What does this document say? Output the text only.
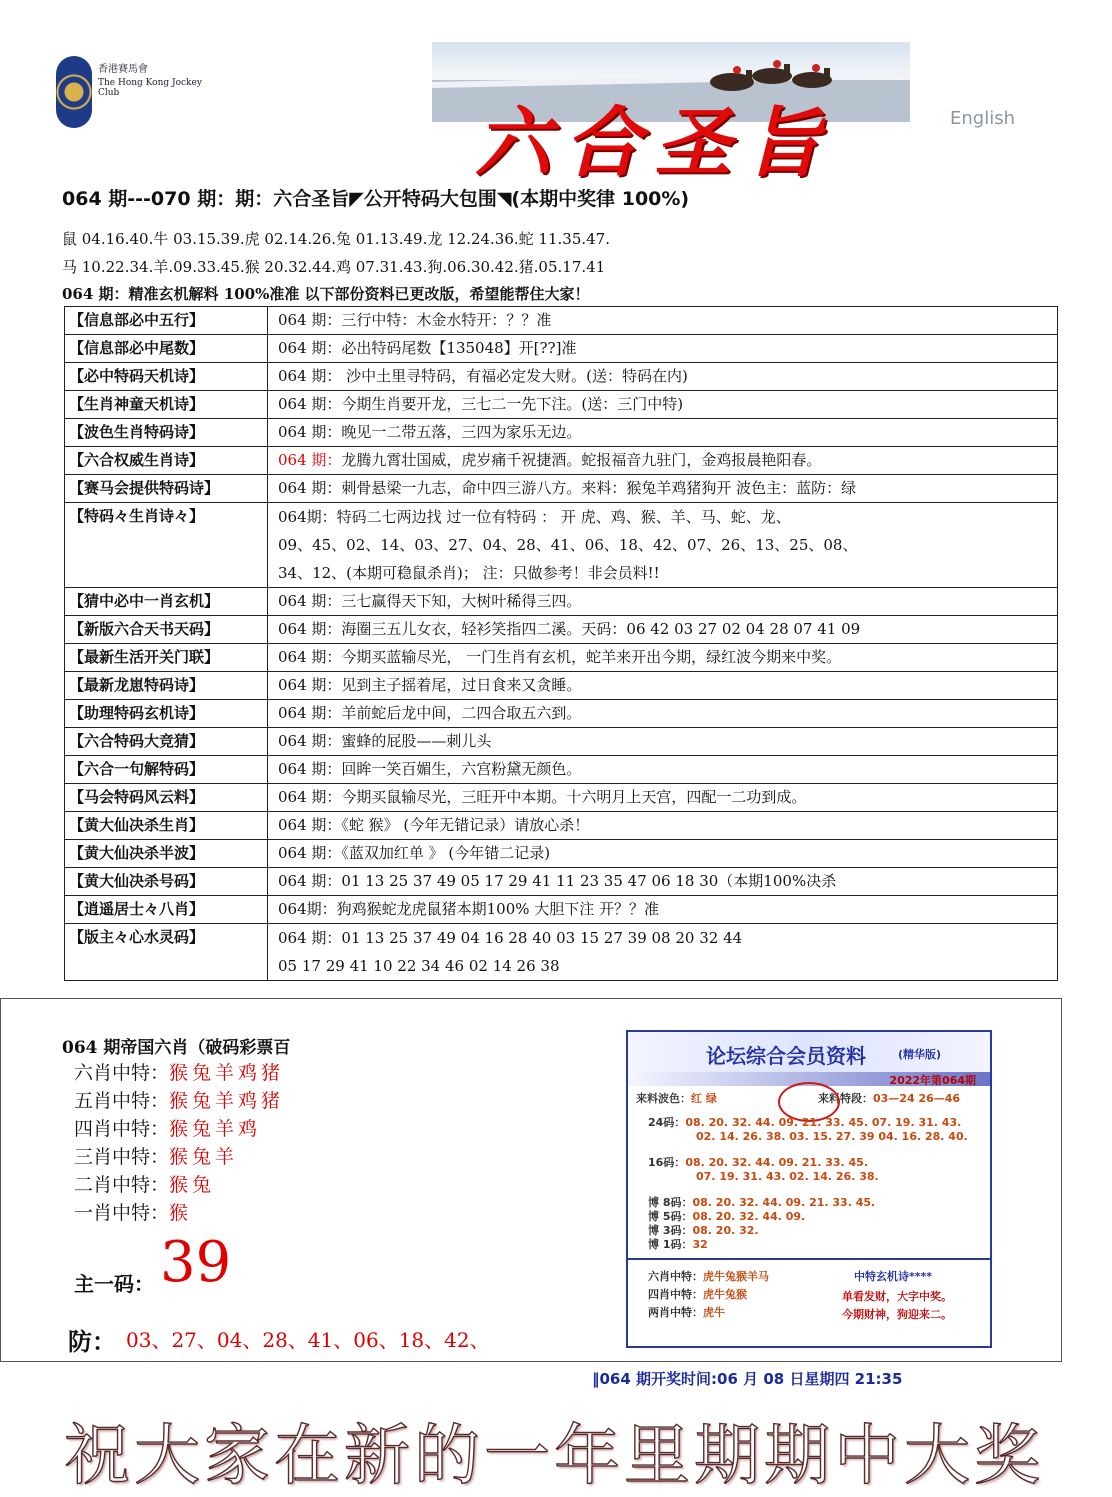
香港賽馬會
The Hong Kong Jockey Club
六合圣旨	English
064 期---070 期：期：六合圣旨◤公开特码大包围◥(本期中奖律 100%)
鼠 04.16.40.牛 03.15.39.虎 02.14.26.兔 01.13.49.龙 12.24.36.蛇 11.35.47.
马 10.22.34.羊.09.33.45.猴 20.32.44.鸡 07.31.43.狗.06.30.42.猪.05.17.41
064 期：精准玄机解料 100%准准 以下部份资料已更改版，希望能帮住大家！
【信息部必中五行】	064 期：三行中特：木金水特开：？？准
【信息部必中尾数】	064 期：必出特码尾数【135048】开[??]准
【必中特码天机诗】	064 期： 沙中土里寻特码，有福必定发大财。(送：特码在内)
【生肖神童天机诗】	064 期：今期生肖要开龙，三七二一先下注。(送：三门中特)
【波色生肖特码诗】	064 期：晚见一二带五落，三四为家乐无边。
【六合权威生肖诗】	064 期：龙腾九霄壮国威，虎岁痛千祝捷酒。蛇报福音九驻门，金鸡报晨艳阳春。
【赛马会提供特码诗】	064 期：刺骨悬梁一九志，命中四三游八方。来料：猴兔羊鸡猪狗开 波色主：蓝防：绿
【特码々生肖诗々】	064期：特码二七两边找 过一位有特码 ： 开 虎、鸡、猴、羊、马、蛇、龙、
09、45、02、14、03、27、04、28、41、06、18、42、07、26、13、25、08、
34、12、(本期可稳鼠杀肖)； 注：只做参考！非会员料!!

【猜中必中一肖玄机】	064 期：三七赢得天下知，大树叶稀得三四。
【新版六合天书天码】	064 期：海圈三五儿女衣，轻衫笑指四二溪。天码：06 42 03 27 02 04 28 07 41 09
【最新生活开关门联】	064 期：今期买蓝输尽光， 一门生肖有玄机，蛇羊来开出今期，绿红波今期来中奖。
【最新龙崽特码诗】	064 期：见到主子摇着尾，过日食来又贪睡。
【助理特码玄机诗】	064 期：羊前蛇后龙中间，二四合取五六到。
【六合特码大竞猜】	064 期：蜜蜂的屁股——刺儿头
【六合一句解特码】	064 期：回眸一笑百媚生，六宫粉黛无颜色。
【马会特码风云料】	064 期：今期买鼠输尽光，三旺开中本期。十六明月上天宫，四配一二功到成。
【黄大仙决杀生肖】	064 期：《蛇 猴》 (今年无错记录）请放心杀！
【黄大仙决杀半波】	064 期：《蓝双加红单 》 (今年错二记录)
【黄大仙决杀号码】	064 期：01 13 25 37 49 05 17 29 41 11 23 35 47 06 18 30（本期100%决杀
【逍遥居士々八肖】	064期：狗鸡猴蛇龙虎鼠猪本期100% 大胆下注 开？？准
【版主々心水灵码】	064 期：01 13 25 37 49 04 16 28 40 03 15 27 39 08 20 32 44
05 17 29 41 10 22 34 46 02 14 26 38
064 期帝国六肖（破码彩票百
六肖中特：猴兔羊鸡猪
五肖中特：猴兔羊鸡猪
四肖中特：猴兔羊鸡
三肖中特：猴兔羊
二肖中特：猴兔
一肖中特：猴
主一码： 39
防： 03、27、04、28、41、06、18、42、
论坛综合会员资料	(精华版)
2022年第064期
来料波色：红 绿	来料特段：03—24 26—46
24码：08. 20. 32. 44. 09. 21. 33. 45. 07. 19. 31. 43.
02. 14. 26. 38. 03. 15. 27. 39 04. 16. 28. 40.
16码：08. 20. 32. 44. 09. 21. 33. 45.
07. 19. 31. 43. 02. 14. 26. 38.
博 8码：08. 20. 32. 44. 09. 21. 33. 45.
博 5码：08. 20. 32. 44. 09.
博 3码：08. 20. 32.
博 1码：32
六肖中特：虎牛兔猴羊马
四肖中特：虎牛兔猴
两肖中特：虎牛
中特玄机诗****
单看发财，大字中奖。
今期财神，狗迎来二。
‖064 期开奖时间:06 月 08 日星期四 21:35
祝大家在新的一年里期期中大奖
